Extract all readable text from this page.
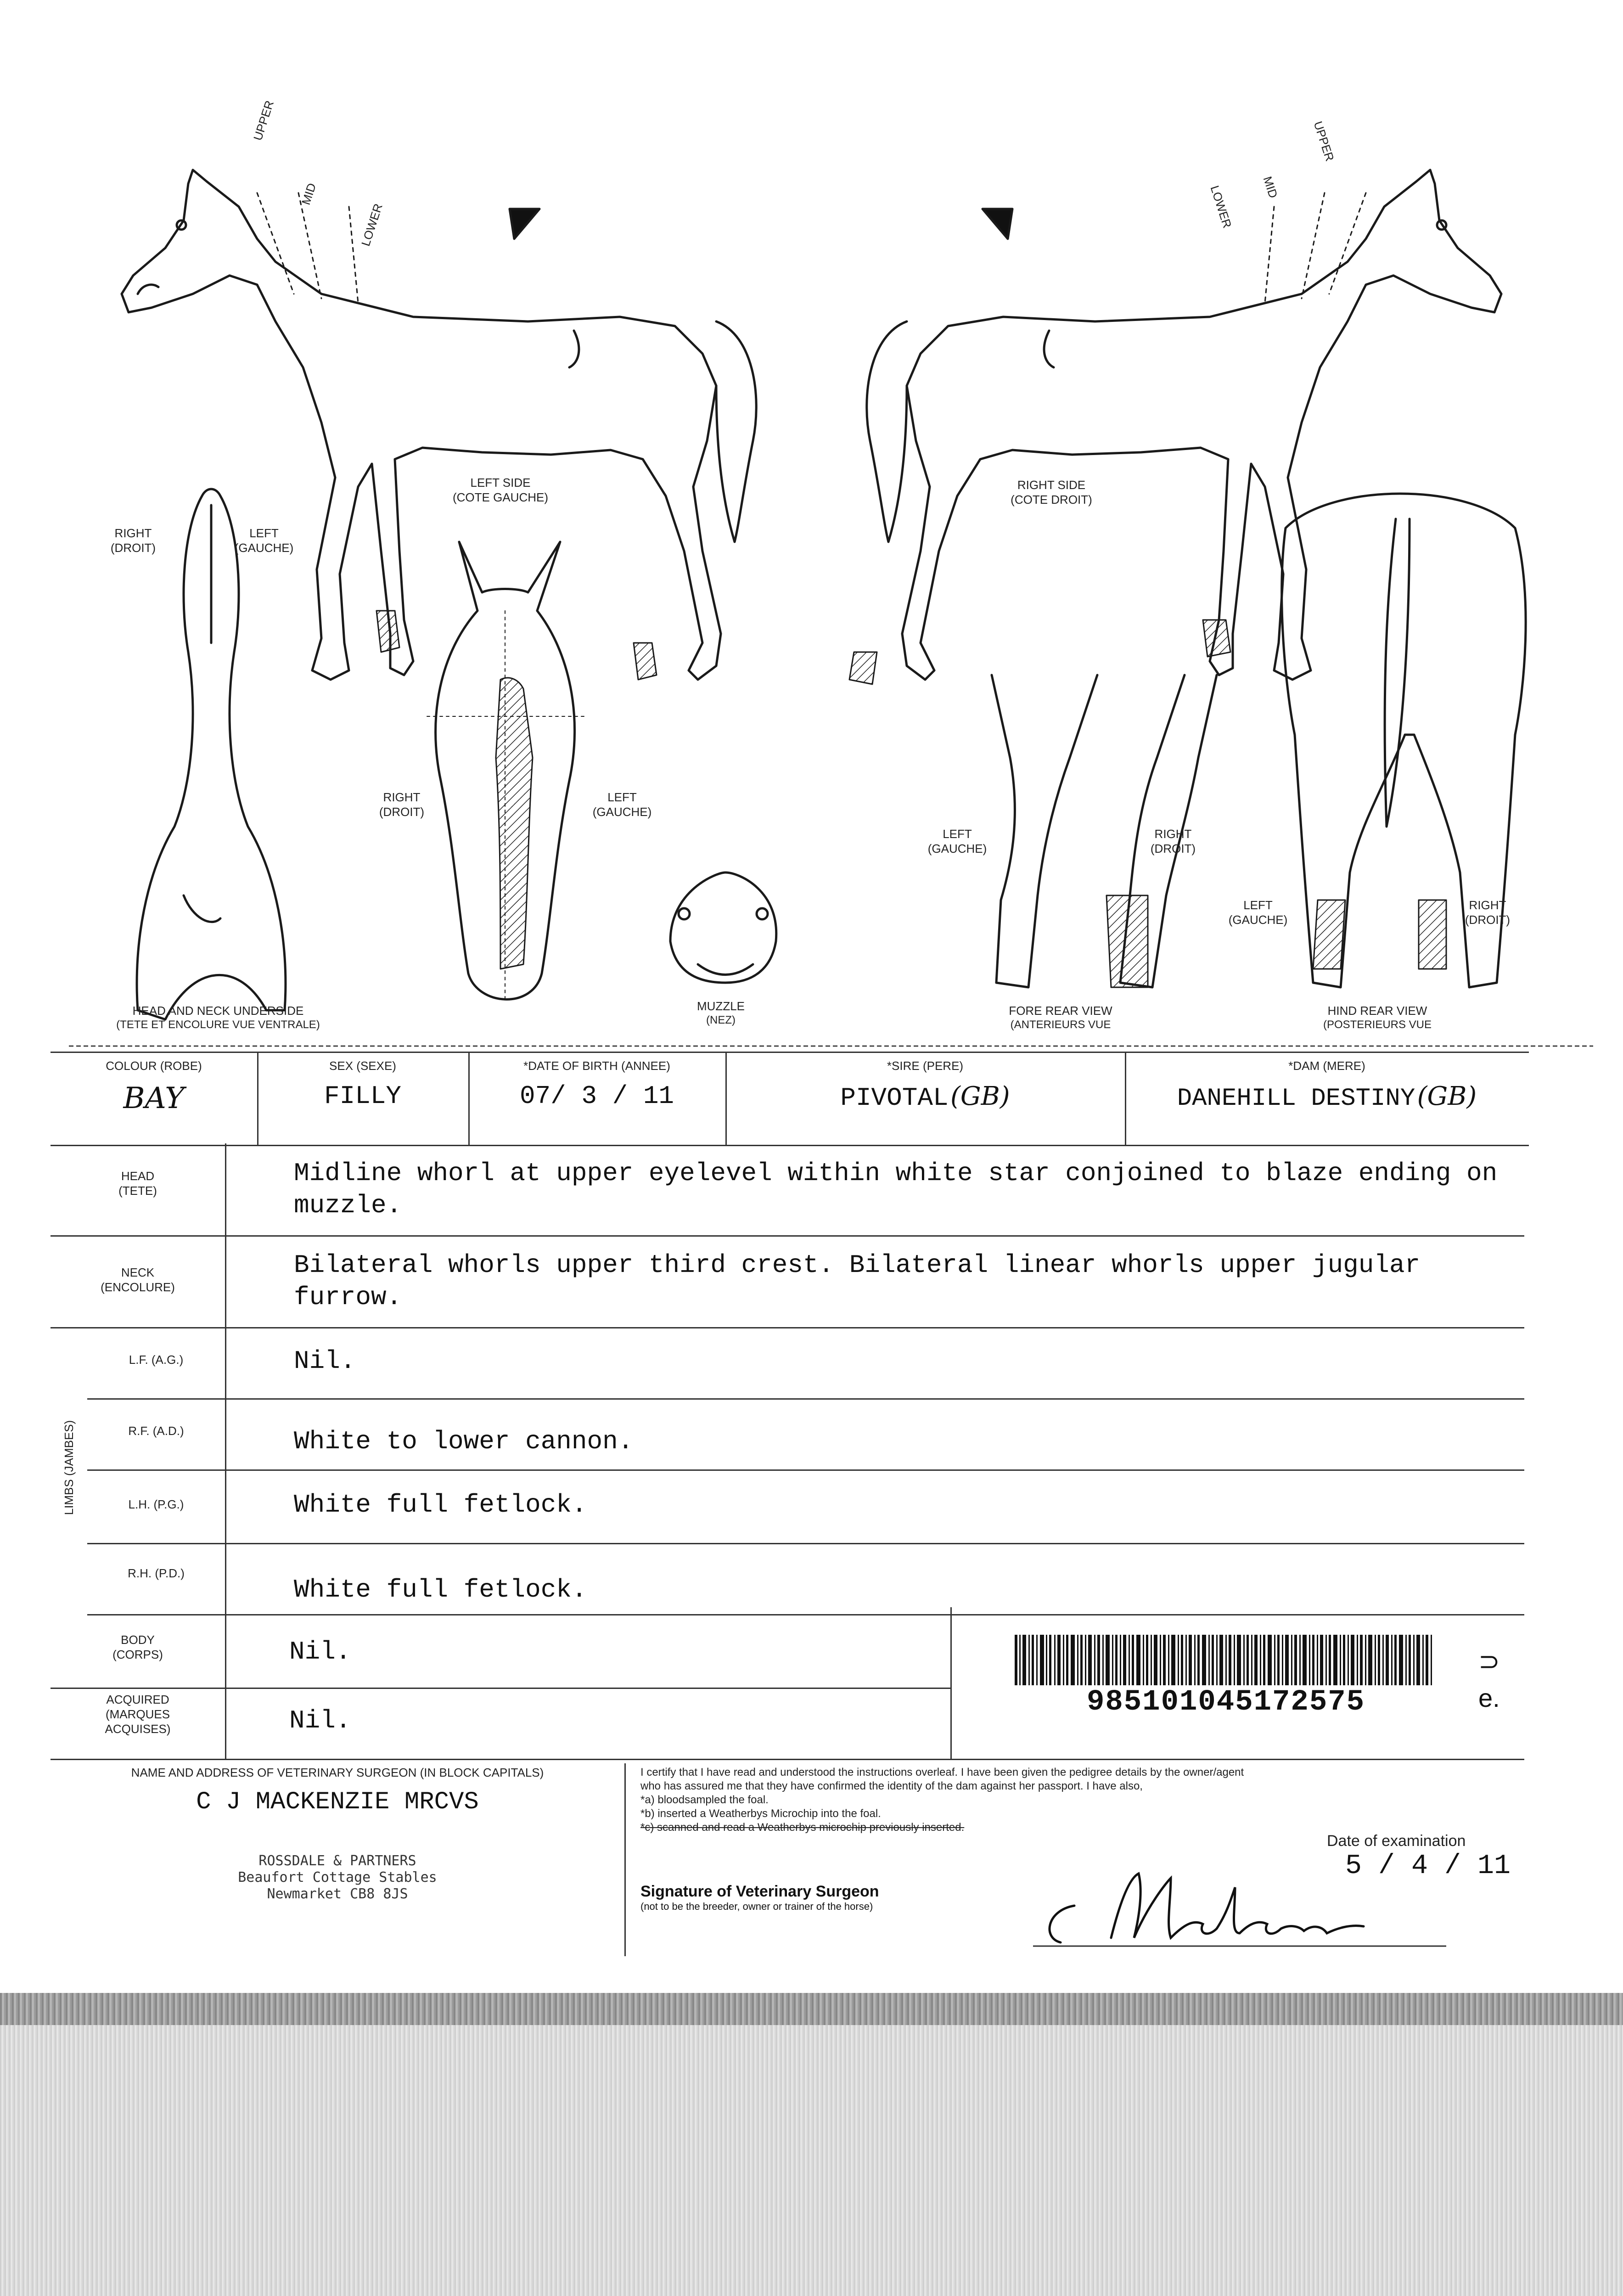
UPPER
MID
LOWER
UPPER
MID
LOWER
LEFT SIDE
(COTE GAUCHE)
RIGHT SIDE
(COTE DROIT)
RIGHT
(DROIT)
LEFT
(GAUCHE)
HEAD AND NECK UNDERSIDE
(TETE ET ENCOLURE VUE VENTRALE)
RIGHT
(DROIT)
LEFT
(GAUCHE)
MUZZLE
(NEZ)
LEFT
(GAUCHE)
RIGHT
(DROIT)
FORE REAR VIEW
(ANTERIEURS VUE
LEFT
(GAUCHE)
RIGHT
(DROIT)
HIND REAR VIEW
(POSTERIEURS VUE
COLOUR (ROBE)
BAY
SEX (SEXE)
FILLY
*DATE OF BIRTH (ANNEE)
07/ 3 / 11
*SIRE (PERE)
PIVOTAL (GB)
*DAM (MERE)
DANEHILL DESTINY (GB)
HEAD
(TETE)
Midline whorl at upper eyelevel within white star conjoined to blaze ending on muzzle.
NECK
(ENCOLURE)
Bilateral whorls upper third crest. Bilateral linear whorls upper jugular furrow.
LIMBS (JAMBES)
L.F. (A.G.)	Nil.
R.F. (A.D.)	White to lower cannon.
L.H. (P.G.)	White full fetlock.
R.H. (P.D.)
White full fetlock.
BODY
(CORPS)	Nil.
ACQUIRED
(MARQUES
ACQUISES)	Nil.
985101045172575
⊃
e.
NAME AND ADDRESS OF VETERINARY SURGEON (IN BLOCK CAPITALS)
C J MACKENZIE MRCVS
ROSSDALE & PARTNERS
Beaufort Cottage Stables
Newmarket CB8 8JS
I certify that I have read and understood the instructions overleaf. I have been given the pedigree details by the owner/agent
who has assured me that they have confirmed the identity of the dam against her passport. I have also,
*a) bloodsampled the foal.
*b) inserted a Weatherbys Microchip into the foal.
*c) scanned and read a Weatherbys microchip previously inserted.
Date of examination
5 / 4 / 11
Signature of Veterinary Surgeon
(not to be the breeder, owner or trainer of the horse)
